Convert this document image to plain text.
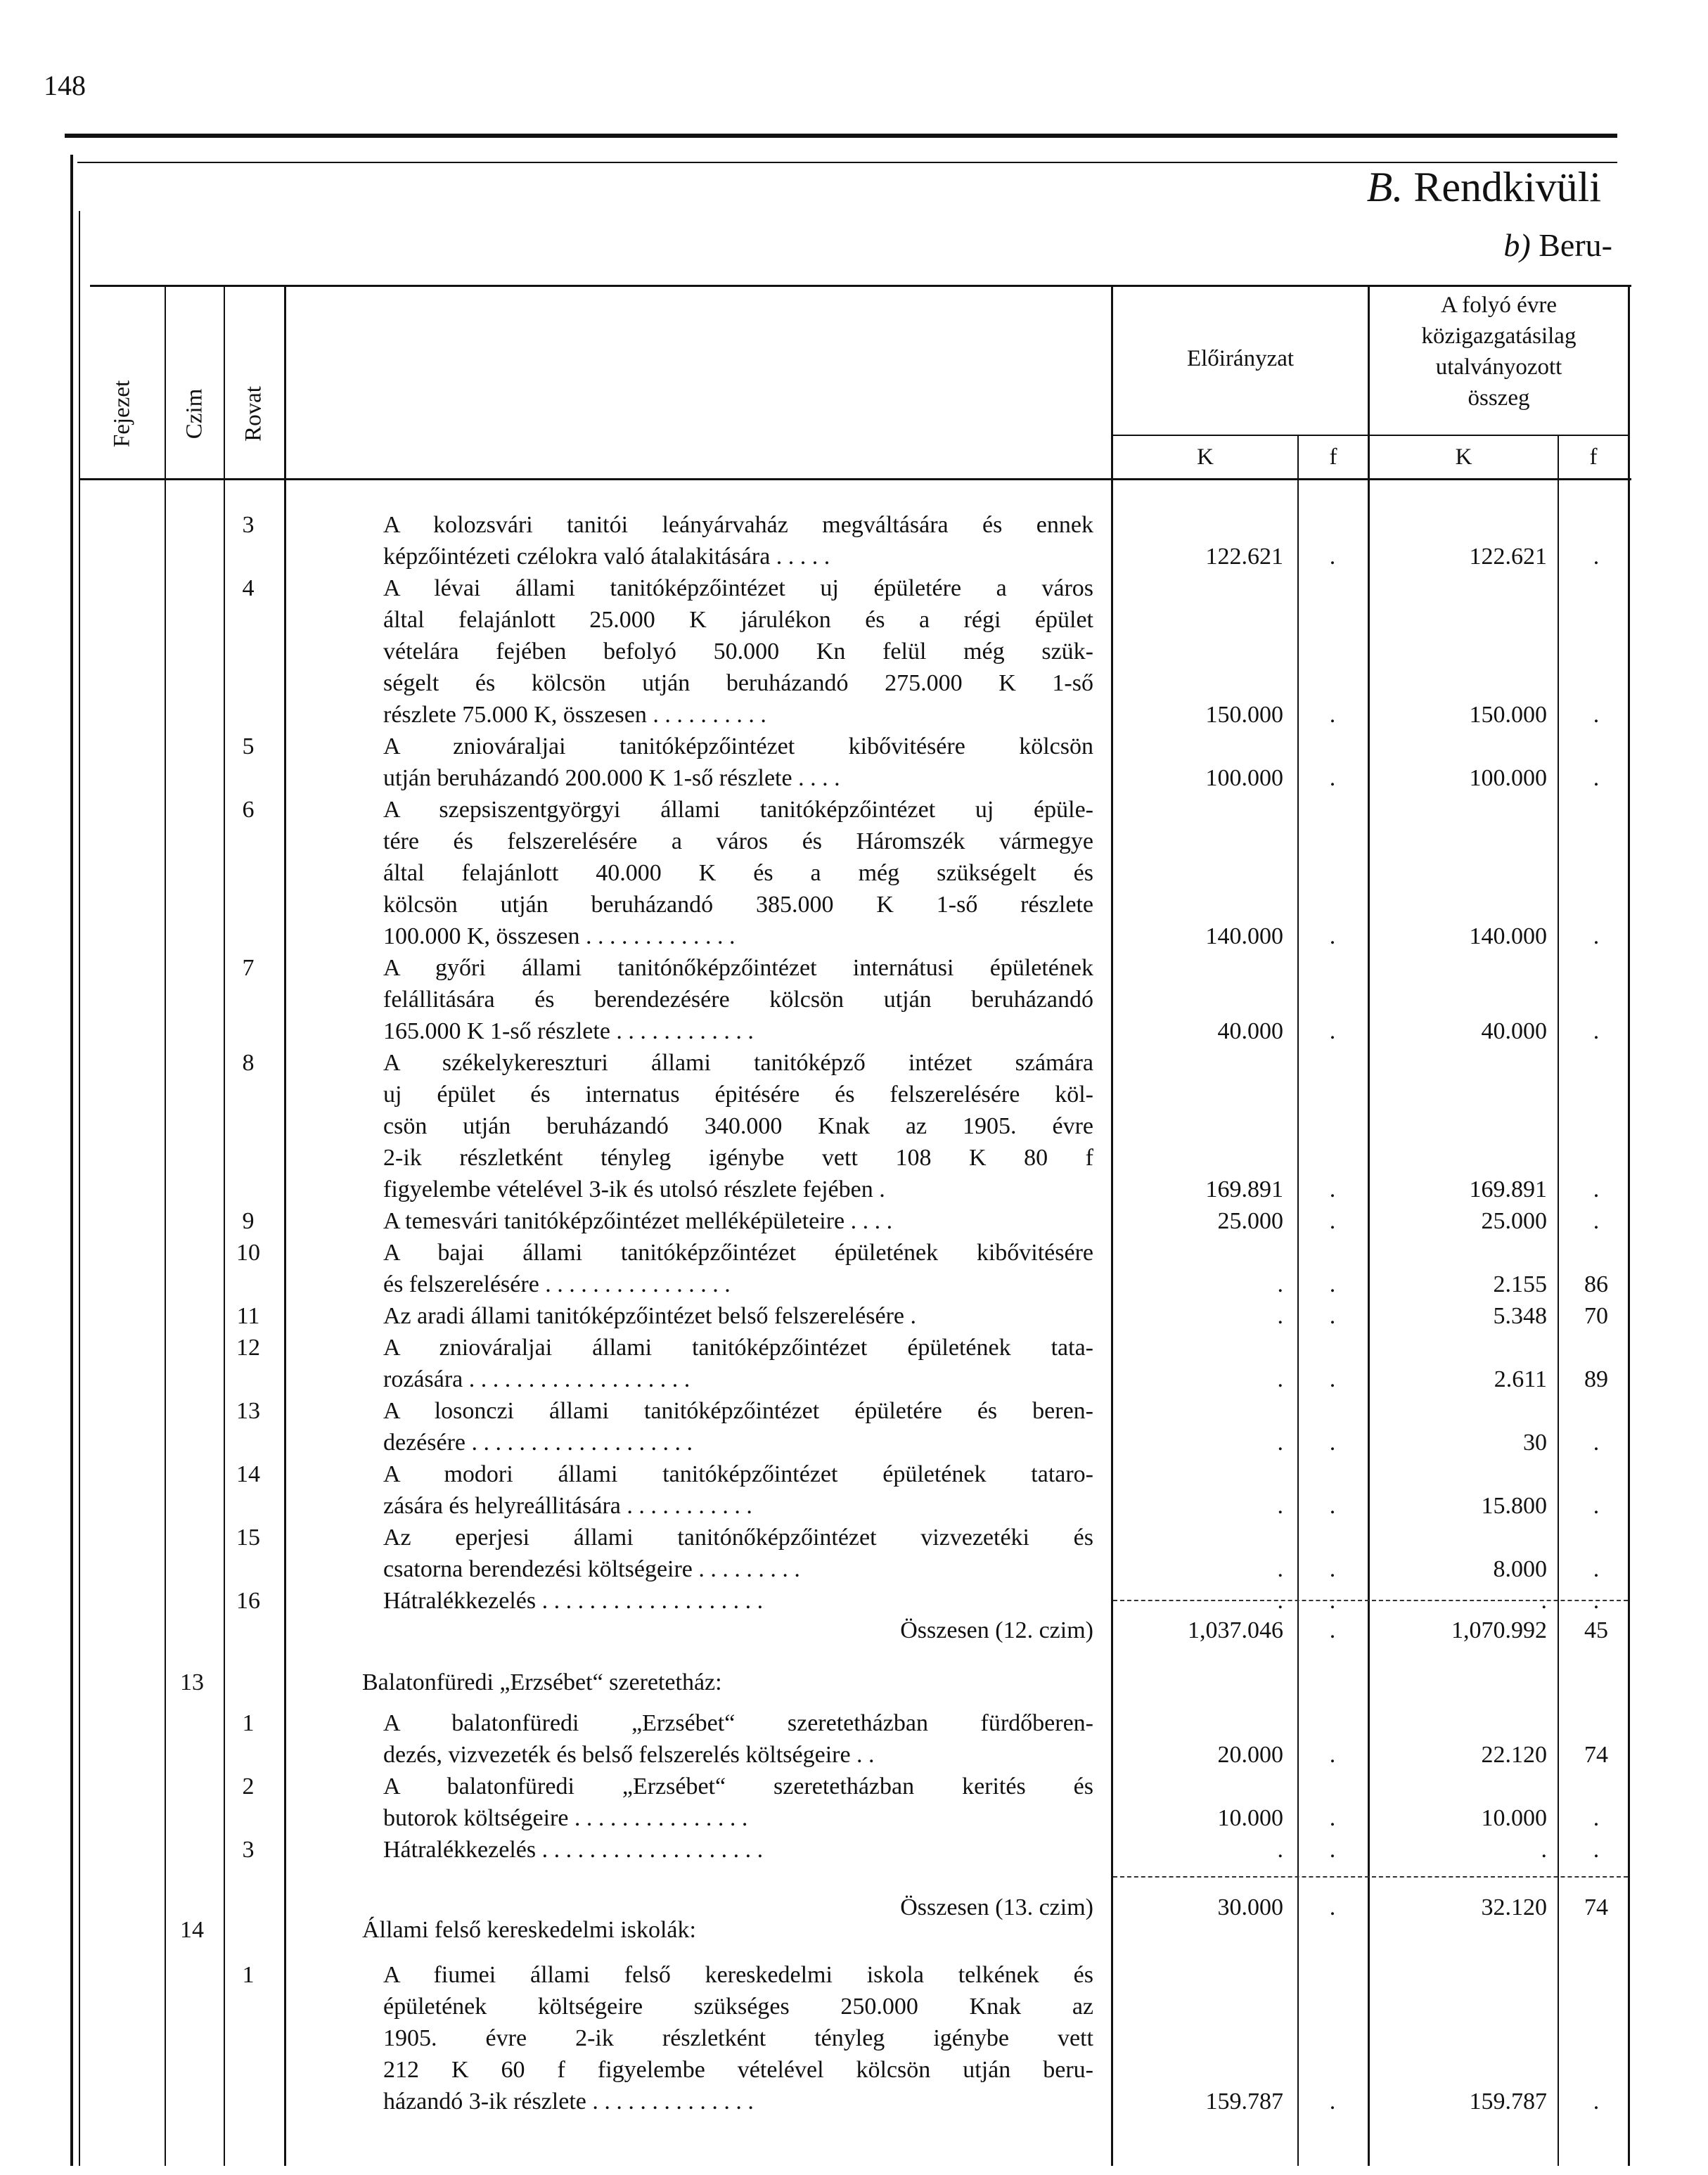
148
B. Rendkivüli
b) Beru-
Fejezet Czim Rovat
Előirányzat
A folyó évre
közigazgatásilag
utalványozott
összeg
K	f	K	f
3	A kolozsvári tanitói leányárvaház megváltására és ennek
képzőintézeti czélokra való átalakitására . . . . .	122.621	.	122.621	.
4	A lévai állami tanitóképzőintézet uj épületére a város
által felajánlott 25.000 K járulékon és a régi épület
vételára fejében befolyó 50.000 Kn felül még szük-
ségelt és kölcsön utján beruházandó 275.000 K 1-ső
részlete 75.000 K, összesen . . . . . . . . . .	150.000	.	150.000	.
5	A zniováraljai tanitóképzőintézet kibővitésére kölcsön
utján beruházandó 200.000 K 1-ső részlete . . . .	100.000	.	100.000	.
6	A szepsiszentgyörgyi állami tanitóképzőintézet uj épüle-
tére és felszerelésére a város és Háromszék vármegye
által felajánlott 40.000 K és a még szükségelt és
kölcsön utján beruházandó 385.000 K 1-ső részlete
100.000 K, összesen . . . . . . . . . . . . .	140.000	.	140.000	.
7	A győri állami tanitónőképzőintézet internátusi épületének
felállitására és berendezésére kölcsön utján beruházandó
165.000 K 1-ső részlete . . . . . . . . . . . .	40.000	.	40.000	.
8	A székelykereszturi állami tanitóképző intézet számára
uj épület és internatus épitésére és felszerelésére köl-
csön utján beruházandó 340.000 Knak az 1905. évre
2-ik részletként tényleg igénybe vett 108 K 80 f
figyelembe vételével 3-ik és utolsó részlete fejében .	169.891	.	169.891	.
9	A temesvári tanitóképzőintézet melléképületeire . . . .	25.000	.	25.000	.
10	A bajai állami tanitóképzőintézet épületének kibővitésére
és felszerelésére . . . . . . . . . . . . . . . .	.	.	2.155	86
11	Az aradi állami tanitóképzőintézet belső felszerelésére .	.	.	5.348	70
12	A zniováraljai állami tanitóképzőintézet épületének tata-
rozására . . . . . . . . . . . . . . . . . . .	.	.	2.611	89
13	A losonczi állami tanitóképzőintézet épületére és beren-
dezésére . . . . . . . . . . . . . . . . . . .	.	.	30	.
14	A modori állami tanitóképzőintézet épületének tataro-
zására és helyreállitására . . . . . . . . . . .	.	.	15.800	.
15	Az eperjesi állami tanitónőképzőintézet vizvezetéki és
csatorna berendezési költségeire . . . . . . . . .	.	.	8.000	.
16	Hátralékkezelés . . . . . . . . . . . . . . . . . . .	.	.	.	.
Összesen (12. czim)	1,037.046	.	1,070.992	45
13	Balatonfüredi „Erzsébet“ szeretetház:
1	A balatonfüredi „Erzsébet“ szeretetházban fürdőberen-
dezés, vizvezeték és belső felszerelés költségeire . .	20.000	.	22.120	74
2	A balatonfüredi „Erzsébet“ szeretetházban kerités és
butorok költségeire . . . . . . . . . . . . . . .	10.000	.	10.000	.
3	Hátralékkezelés . . . . . . . . . . . . . . . . . . .	.	.	.	.
Összesen (13. czim)	30.000	.	32.120	74
14	Állami felső kereskedelmi iskolák:
1	A fiumei állami felső kereskedelmi iskola telkének és
épületének költségeire szükséges 250.000 Knak az
1905. évre 2-ik részletként tényleg igénybe vett
212 K 60 f figyelembe vételével kölcsön utján beru-
házandó 3-ik részlete . . . . . . . . . . . . . .	159.787	.	159.787	.
